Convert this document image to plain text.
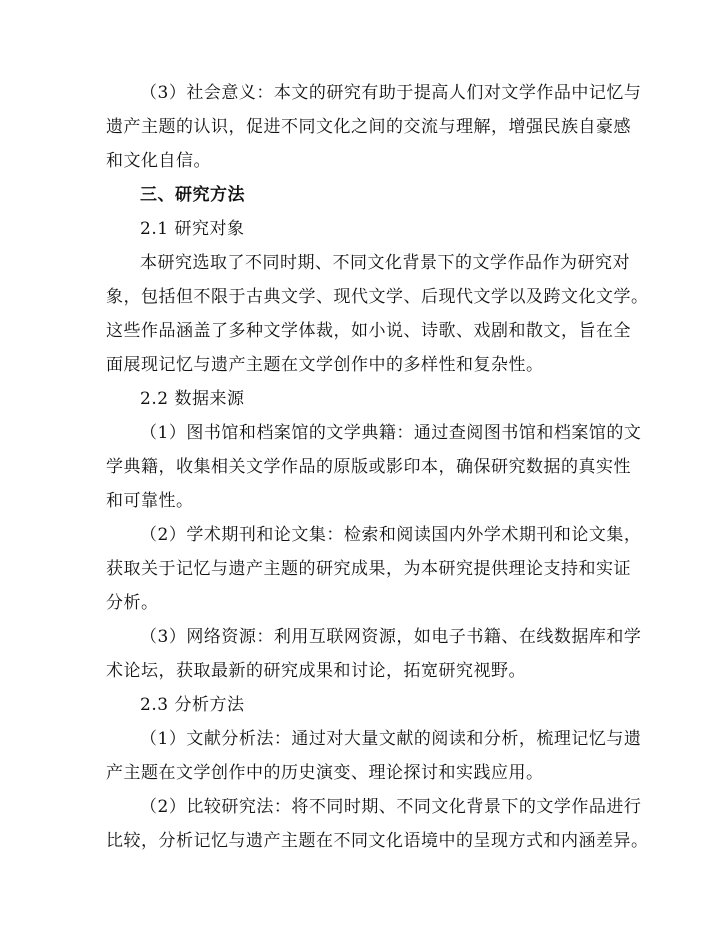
（3）社会意义：本文的研究有助于提高人们对文学作品中记忆与
遗产主题的认识，促进不同文化之间的交流与理解，增强民族自豪感
和文化自信。
三、研究方法
2.1 研究对象
本研究选取了不同时期、不同文化背景下的文学作品作为研究对
象，包括但不限于古典文学、现代文学、后现代文学以及跨文化文学。
这些作品涵盖了多种文学体裁，如小说、诗歌、戏剧和散文，旨在全
面展现记忆与遗产主题在文学创作中的多样性和复杂性。
2.2 数据来源
（1）图书馆和档案馆的文学典籍：通过查阅图书馆和档案馆的文
学典籍，收集相关文学作品的原版或影印本，确保研究数据的真实性
和可靠性。
（2）学术期刊和论文集：检索和阅读国内外学术期刊和论文集，
获取关于记忆与遗产主题的研究成果，为本研究提供理论支持和实证
分析。
（3）网络资源：利用互联网资源，如电子书籍、在线数据库和学
术论坛，获取最新的研究成果和讨论，拓宽研究视野。
2.3 分析方法
（1）文献分析法：通过对大量文献的阅读和分析，梳理记忆与遗
产主题在文学创作中的历史演变、理论探讨和实践应用。
（2）比较研究法：将不同时期、不同文化背景下的文学作品进行
比较，分析记忆与遗产主题在不同文化语境中的呈现方式和内涵差异。
